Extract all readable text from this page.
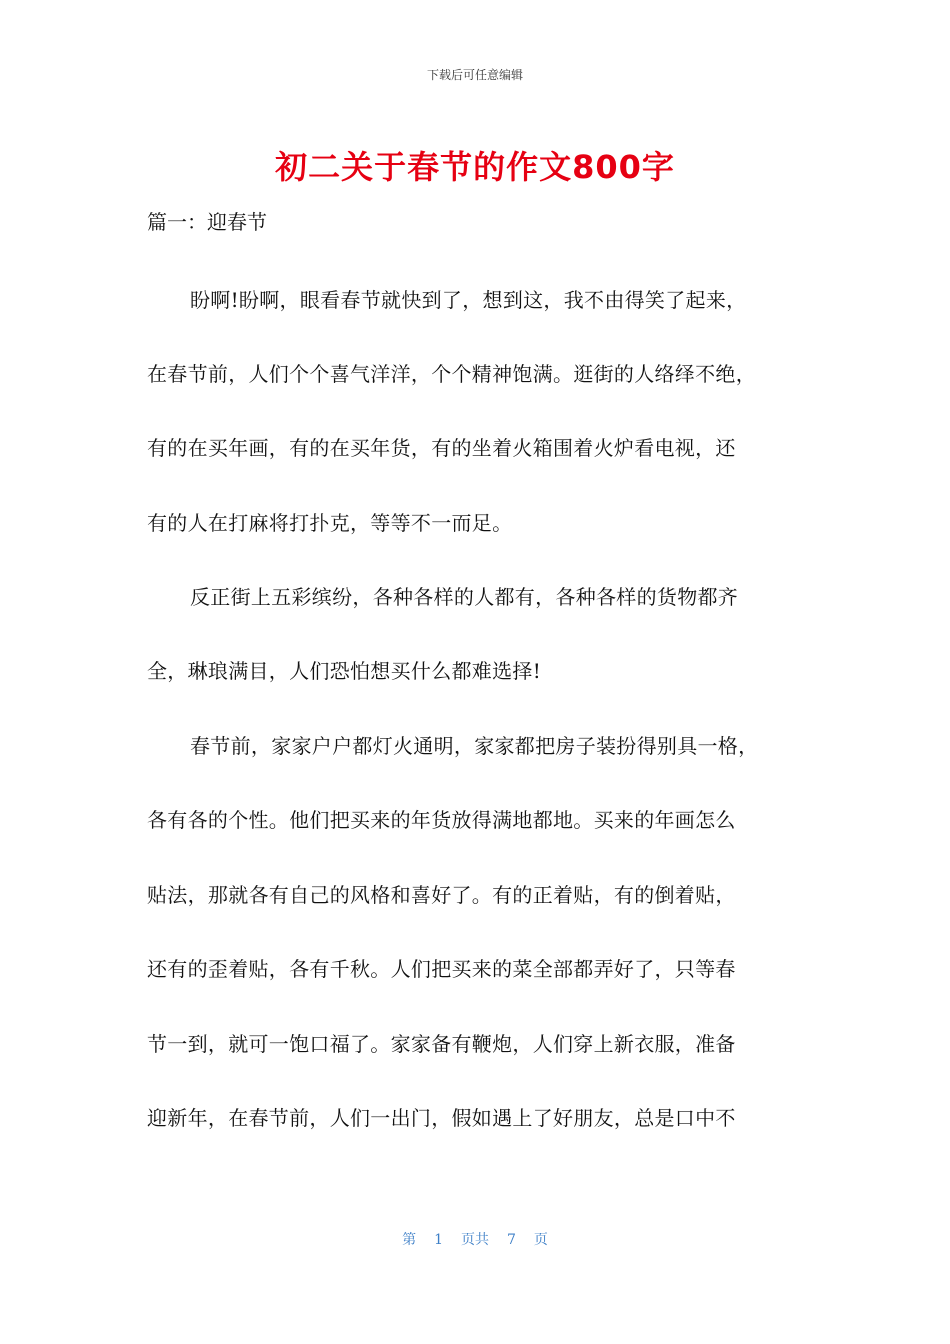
下载后可任意编辑
初二关于春节的作文800字
篇一：迎春节
盼啊!盼啊，眼看春节就快到了，想到这，我不由得笑了起来，
在春节前，人们个个喜气洋洋，个个精神饱满。逛街的人络绎不绝，
有的在买年画，有的在买年货，有的坐着火箱围着火炉看电视，还
有的人在打麻将打扑克，等等不一而足。
反正街上五彩缤纷，各种各样的人都有，各种各样的货物都齐
全，琳琅满目，人们恐怕想买什么都难选择!
春节前，家家户户都灯火通明，家家都把房子装扮得别具一格，
各有各的个性。他们把买来的年货放得满地都地。买来的年画怎么
贴法，那就各有自己的风格和喜好了。有的正着贴，有的倒着贴，
还有的歪着贴，各有千秋。人们把买来的菜全部都弄好了，只等春
节一到，就可一饱口福了。家家备有鞭炮，人们穿上新衣服，准备
迎新年，在春节前，人们一出门，假如遇上了好朋友，总是口中不
第 1 页共 7 页
